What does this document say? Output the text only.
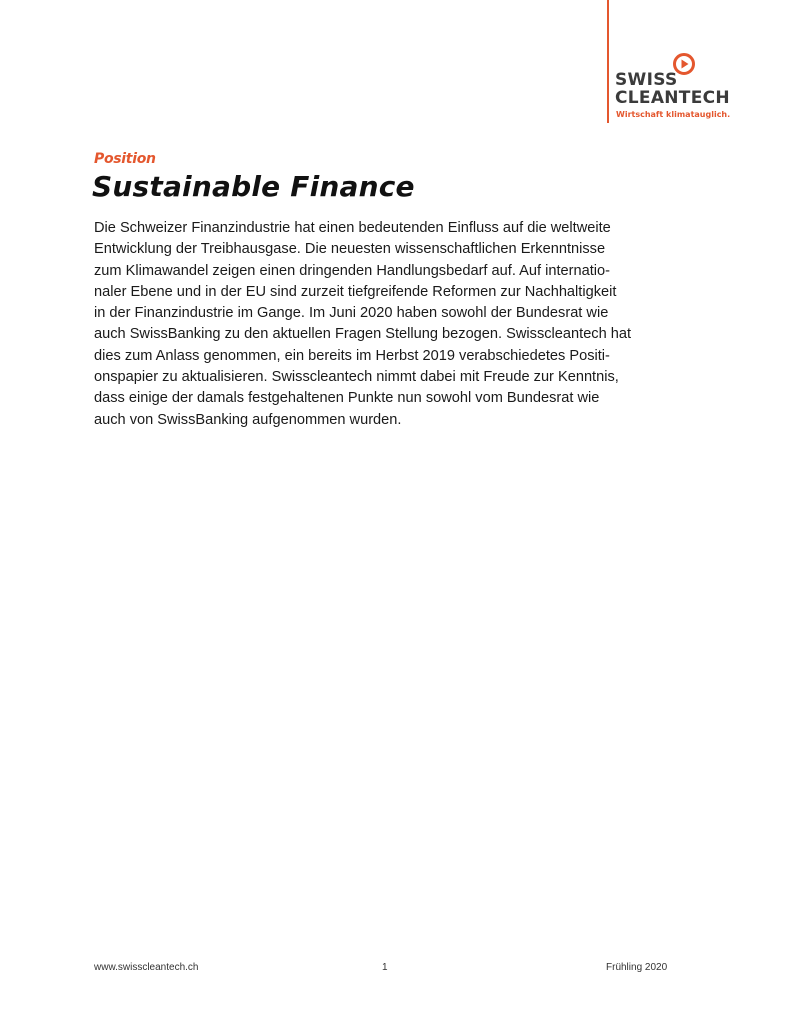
SWISS
CLEANTECH
Wirtschaft klimatauglich.
Position
Sustainable Finance
Die Schweizer Finanzindustrie hat einen bedeutenden Einfluss auf die weltweite
Entwicklung der Treibhausgase. Die neuesten wissenschaftlichen Erkenntnisse
zum Klimawandel zeigen einen dringenden Handlungsbedarf auf. Auf internatio-
naler Ebene und in der EU sind zurzeit tiefgreifende Reformen zur Nachhaltigkeit
in der Finanzindustrie im Gange. Im Juni 2020 haben sowohl der Bundesrat wie
auch SwissBanking zu den aktuellen Fragen Stellung bezogen. Swisscleantech hat
dies zum Anlass genommen, ein bereits im Herbst 2019 verabschiedetes Positi-
onspapier zu aktualisieren. Swisscleantech nimmt dabei mit Freude zur Kenntnis,
dass einige der damals festgehaltenen Punkte nun sowohl vom Bundesrat wie
auch von SwissBanking aufgenommen wurden.
www.swisscleantech.ch	1	Frühling 2020
